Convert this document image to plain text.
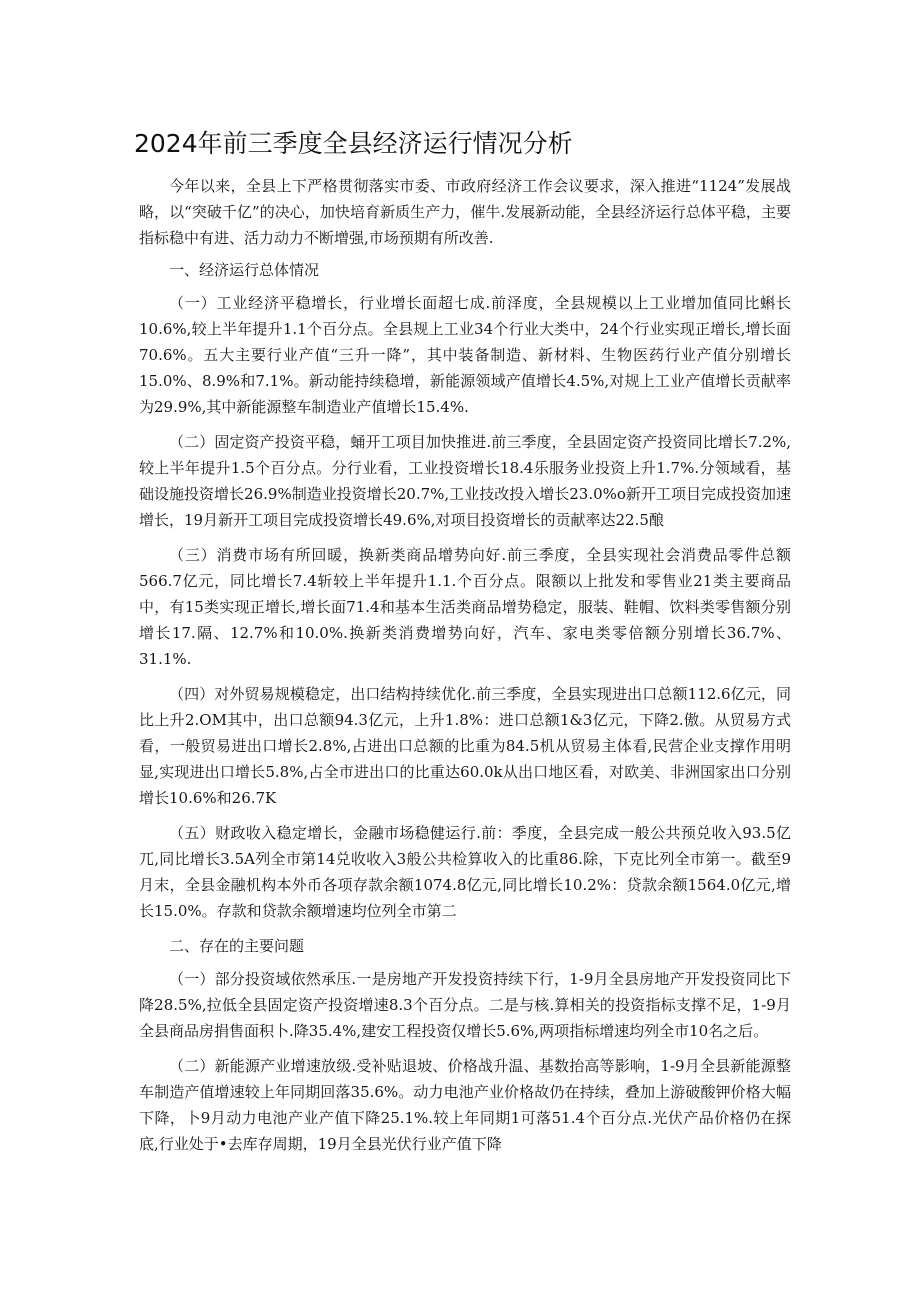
2024年前三季度全县经济运行情况分析

今年以来，全县上下严格贯彻落实市委、市政府经济工作会议要求，深入推进“1124”发展战略，以“突破千亿”的决心，加快培育新质生产力，催牛.发展新动能，全县经济运行总体平稳，主要指标稳中有进、活力动力不断增强,市场预期有所改善.

一、经济运行总体情况

（一）工业经济平稳增长，行业增长面超七成.前泽度，全县规模以上工业增加值同比蝌长10.6%,较上半年提升1.1个百分点。全县规上工业34个行业大类中，24个行业实现正增长,增长面70.6%。五大主要行业产值“三升一降”，其中装备制造、新材料、生物医药行业产值分别增长15.0%、8.9%和7.1%。新动能持续稳增，新能源领域产值增长4.5%,对规上工业产值增长贡献率为29.9%,其中新能源整车制造业产值增长15.4%.

（二）固定资产投资平稳，蛹开工项目加快推进.前三季度，全县固定资产投资同比增长7.2%,较上半年提升1.5个百分点。分行业看，工业投资增长18.4乐服务业投资上升1.7%.分领域看，基础设施投资增长26.9%制造业投资增长20.7%,工业技改投入增长23.0%o新开工项目完成投资加速增长，19月新开工项目完成投资增长49.6%,对项目投资增长的贡献率达22.5酿

（三）消费市场有所回暖，换新类商品增势向好.前三季度，全县实现社会消费品零件总额566.7亿元，同比增长7.4斩较上半年提升1.1.个百分点。限额以上批发和零售业21类主要商品中，有15类实现正增长,增长面71.4和基本生活类商品增势稳定，服装、鞋帽、饮料类零售额分别增长17.隔、12.7%和10.0%.换新类消费增势向好，汽车、家电类零倍额分别增长36.7%、31.1%.

（四）对外贸易规模稳定，出口结构持续优化.前三季度，全县实现进出口总额112.6亿元，同比上升2.OM其中，出口总额94.3亿元，上升1.8%：进口总额1&3亿元，下降2.傲。从贸易方式看，一般贸易进出口增长2.8%,占进出口总额的比重为84.5机从贸易主体看,民营企业支撑作用明显,实现进出口增长5.8%,占全市进出口的比重达60.0k从出口地区看，对欧美、非洲国家出口分别增长10.6%和26.7K

（五）财政收入稳定增长，金融市场稳健运行.前：季度，全县完成一般公共预兑收入93.5亿兀,同比增长3.5A列全市第14兑收收入3般公共检算收入的比重86.除，下克比列全市第一。截至9月末，全县金融机构本外币各项存款余额1074.8亿元,同比增长10.2%：贷款余额1564.0亿元,增长15.0%。存款和贷款余额增速均位列全市第二

二、存在的主要问题

（一）部分投资域依然承压.一是房地产开发投资持续下行，1-9月全县房地产开发投资同比下降28.5%,拉低全县固定资产投资增速8.3个百分点。二是与核.算相关的投资指标支撑不足，1-9月全县商品房捐售面积卜.降35.4%,建安工程投资仅增长5.6%,两项指标增速均列全市10名之后。

（二）新能源产业增速放级.受补贴退坡、价格战升温、基数抬高等影响，1-9月全县新能源整车制造产值增速较上年同期回落35.6%。动力电池产业价格故仍在持续，叠加上游破酸钾价格大幅下降，卜9月动力电池产业产值下降25.1%.较上年同期1可落51.4个百分点.光伏产品价格仍在探底,行业处于•去库存周期，19月全县光伏行业产值下降
